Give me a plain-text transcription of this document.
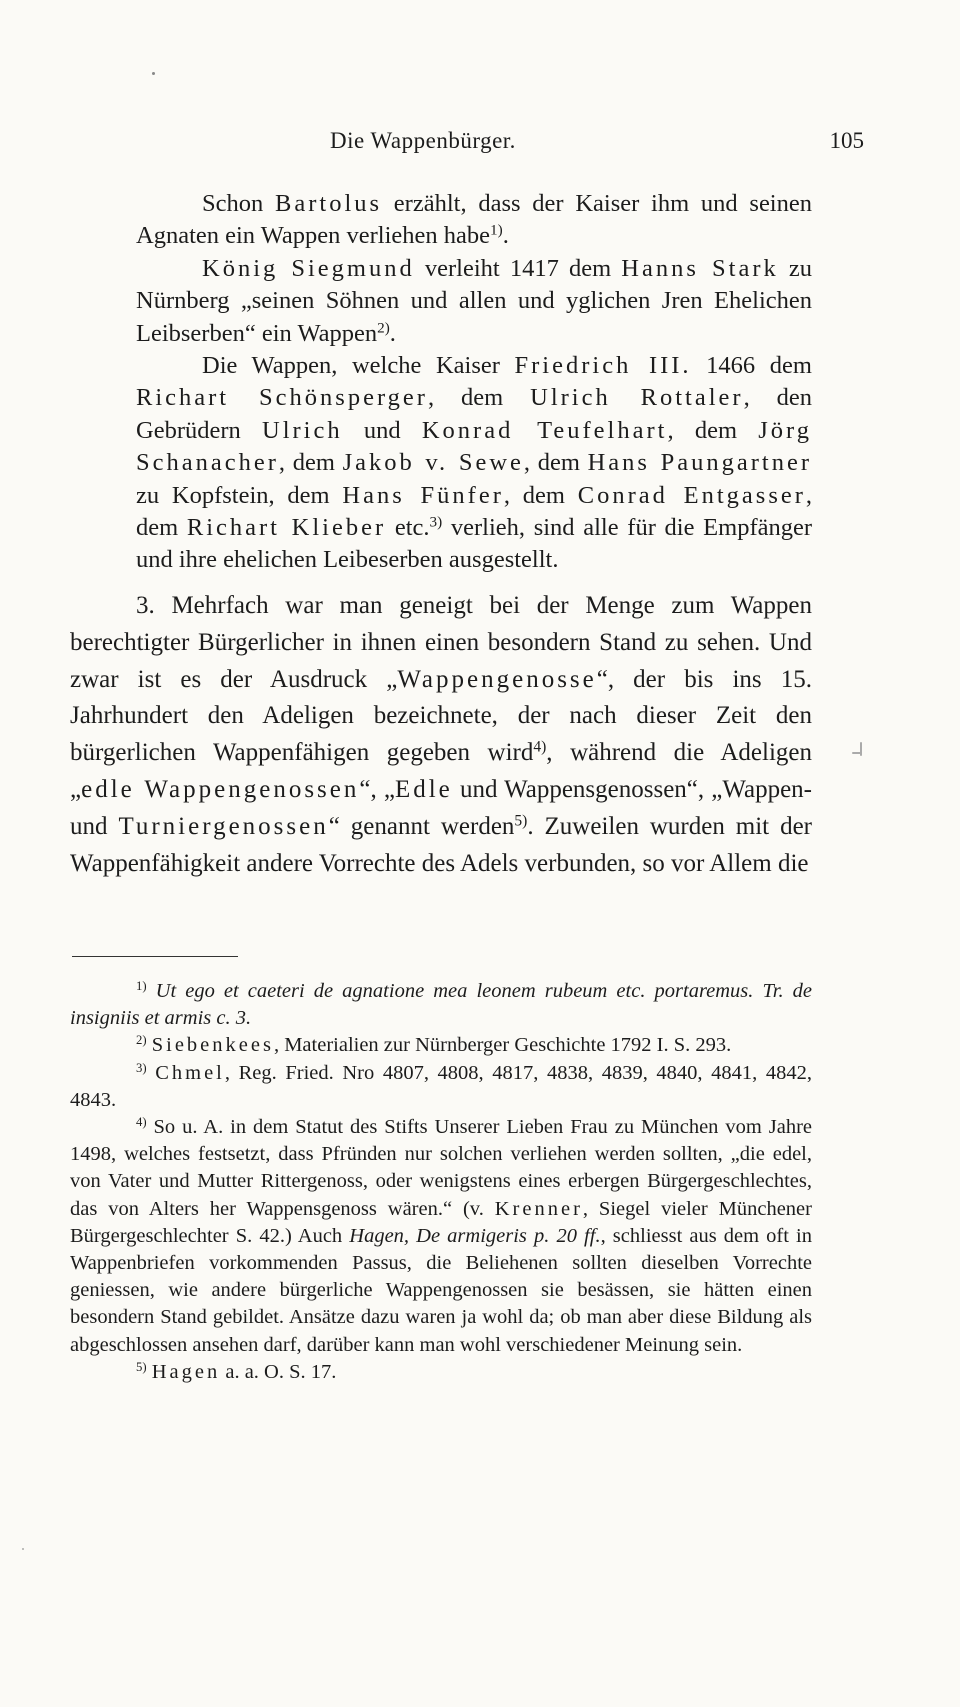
Die Wappenbürger.	105

Schon Bartolus erzählt, dass der Kaiser ihm und seinen Agnaten ein Wappen verliehen habe$^{1)}$.

König Siegmund verleiht 1417 dem Hanns Stark zu Nürnberg „seinen Söhnen und allen und yglichen Jren Ehelichen Leibserben“ ein Wappen$^{2)}$.

Die Wappen, welche Kaiser Friedrich III. 1466 dem Richart Schönsperger, dem Ulrich Rottaler, den Gebrüdern Ulrich und Konrad Teufelhart, dem Jörg Schanacher, dem Jakob v. Sewe, dem Hans Paungartner zu Kopfstein, dem Hans Fünfer, dem Conrad Entgasser, dem Richart Klieber etc.$^{3)}$ verlieh, sind alle für die Empfänger und ihre ehelichen Leibeserben ausgestellt.

3. Mehrfach war man geneigt bei der Menge zum Wappen berechtigter Bürgerlicher in ihnen einen besondern Stand zu sehen. Und zwar ist es der Ausdruck „Wappengenosse“, der bis ins 15. Jahrhundert den Adeligen bezeichnete, der nach dieser Zeit den bürgerlichen Wappenfähigen gegeben wird$^{4)}$, während die Adeligen „edle Wappengenossen“, „Edle und Wappensgenossen“, „Wappen- und Turniergenossen“ genannt werden$^{5)}$. Zuweilen wurden mit der Wappenfähigkeit andere Vorrechte des Adels verbunden, so vor Allem die

$^{1)}$ Ut ego et caeteri de agnatione mea leonem rubeum etc. portaremus. Tr. de insigniis et armis c. 3.

$^{2)}$ Siebenkees, Materialien zur Nürnberger Geschichte 1792 I. S. 293.

$^{3)}$ Chmel, Reg. Fried. Nro 4807, 4808, 4817, 4838, 4839, 4840, 4841, 4842, 4843.

$^{4)}$ So u. A. in dem Statut des Stifts Unserer Lieben Frau zu München vom Jahre 1498, welches festsetzt, dass Pfründen nur solchen verliehen werden sollten, „die edel, von Vater und Mutter Rittergenoss, oder wenigstens eines erbergen Bürgergeschlechtes, das von Alters her Wappensgenoss wären.“ (v. Krenner, Siegel vieler Münchener Bürgergeschlechter S. 42.) Auch Hagen, De armigeris p. 20 ff., schliesst aus dem oft in Wappenbriefen vorkommenden Passus, die Beliehenen sollten dieselben Vorrechte geniessen, wie andere bürgerliche Wappengenossen sie besässen, sie hätten einen besondern Stand gebildet. Ansätze dazu waren ja wohl da; ob man aber diese Bildung als abgeschlossen ansehen darf, darüber kann man wohl verschiedener Meinung sein.

$^{5)}$ Hagen a. a. O. S. 17.
